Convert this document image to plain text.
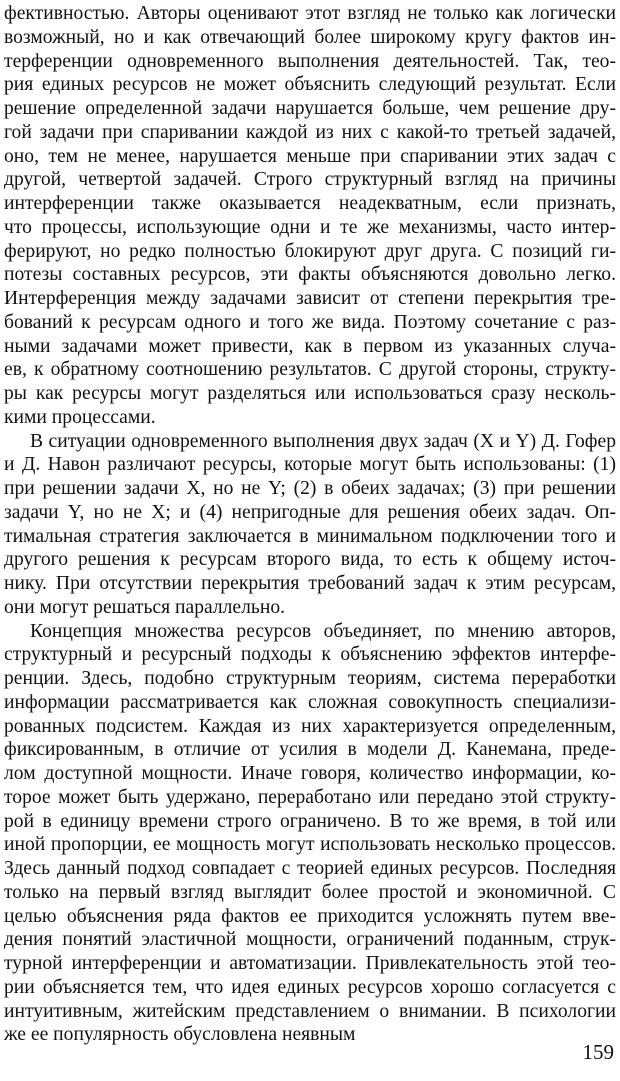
фективностью. Авторы оценивают этот взгляд не только как логически
возможный, но и как отвечающий более широкому кругу фактов ин-
терференции одновременного выполнения деятельностей. Так, тео-
рия единых ресурсов не может объяснить следующий результат. Если
решение определенной задачи нарушается больше, чем решение дру-
гой задачи при спаривании каждой из них с какой-то третьей задачей,
оно, тем не менее, нарушается меньше при спаривании этих задач с
другой, четвертой задачей. Строго структурный взгляд на причины
интерференции также оказывается неадекватным, если признать,
что процессы, использующие одни и те же механизмы, часто интер-
ферируют, но редко полностью блокируют друг друга. С позиций ги-
потезы составных ресурсов, эти факты объясняются довольно легко.
Интерференция между задачами зависит от степени перекрытия тре-
бований к ресурсам одного и того же вида. Поэтому сочетание с раз-
ными задачами может привести, как в первом из указанных случа-
ев, к обратному соотношению результатов. С другой стороны, структу-
ры как ресурсы могут разделяться или использоваться сразу несколь-
кими процессами.
В ситуации одновременного выполнения двух задач (X и Y) Д. Гофер
и Д. Навон различают ресурсы, которые могут быть использованы: (1)
при решении задачи X, но не Y; (2) в обеих задачах; (3) при решении
задачи Y, но не X; и (4) непригодные для решения обеих задач. Оп-
тимальная стратегия заключается в минимальном подключении того и
другого решения к ресурсам второго вида, то есть к общему источ-
нику. При отсутствии перекрытия требований задач к этим ресурсам,
они могут решаться параллельно.
Концепция множества ресурсов объединяет, по мнению авторов,
структурный и ресурсный подходы к объяснению эффектов интерфе-
ренции. Здесь, подобно структурным теориям, система переработки
информации рассматривается как сложная совокупность специализи-
рованных подсистем. Каждая из них характеризуется определенным,
фиксированным, в отличие от усилия в модели Д. Канемана, преде-
лом доступной мощности. Иначе говоря, количество информации, ко-
торое может быть удержано, переработано или передано этой структу-
рой в единицу времени строго ограничено. В то же время, в той или
иной пропорции, ее мощность могут использовать несколько процессов.
Здесь данный подход совпадает с теорией единых ресурсов. Последняя
только на первый взгляд выглядит более простой и экономичной. С
целью объяснения ряда фактов ее приходится усложнять путем вве-
дения понятий эластичной мощности, ограничений поданным, струк-
турной интерференции и автоматизации. Привлекательность этой тео-
рии объясняется тем, что идея единых ресурсов хорошо согласуется с
интуитивным, житейским представлением о внимании. В психологии
же ее популярность обусловлена неявным
159
